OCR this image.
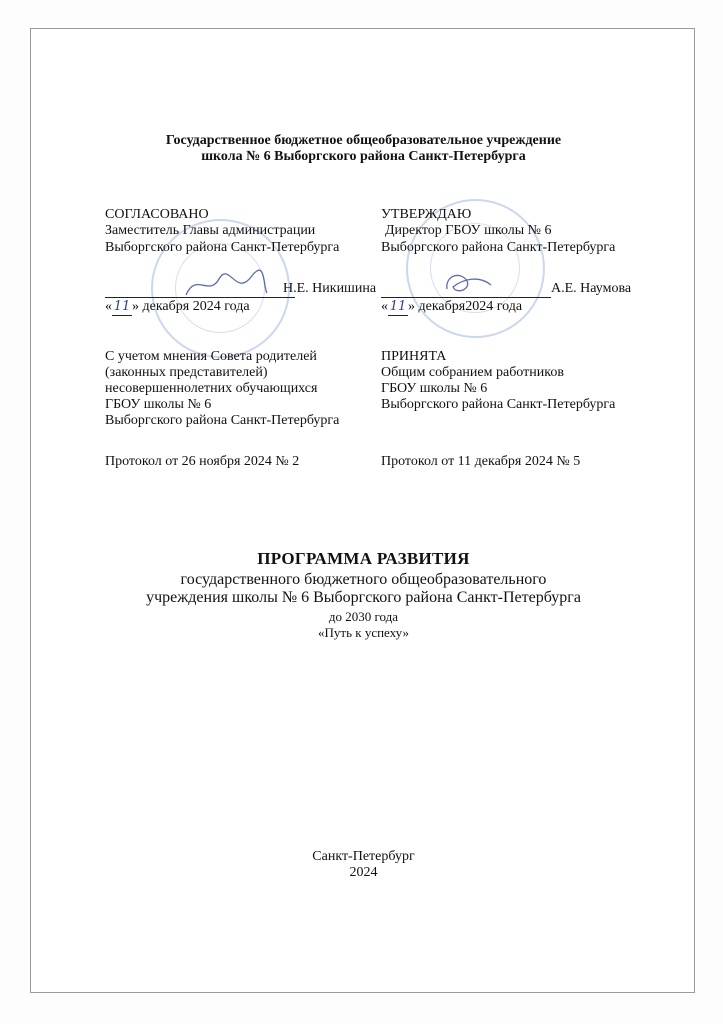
Государственное бюджетное общеобразовательное учреждение
школа № 6 Выборгского района Санкт-Петербурга
СОГЛАСОВАНО
Заместитель Главы администрации
Выборгского района Санкт-Петербурга
Н.Е. Никишина
« 11 » декабря 2024 года
УТВЕРЖДАЮ
Директор ГБОУ школы № 6
Выборгского района Санкт-Петербурга
А.Е. Наумова
« 11 » декабря2024 года
С учетом мнения Совета родителей
(законных представителей)
несовершеннолетних обучающихся
ГБОУ школы № 6
Выборгского района Санкт-Петербурга
Протокол от 26 ноября 2024 № 2
ПРИНЯТА
Общим собранием работников
ГБОУ школы № 6
Выборгского района Санкт-Петербурга
Протокол от 11 декабря 2024 № 5
ПРОГРАММА РАЗВИТИЯ
государственного бюджетного общеобразовательного
учреждения школы № 6 Выборгского района Санкт-Петербурга
до 2030 года
«Путь к успеху»
Санкт-Петербург
2024
